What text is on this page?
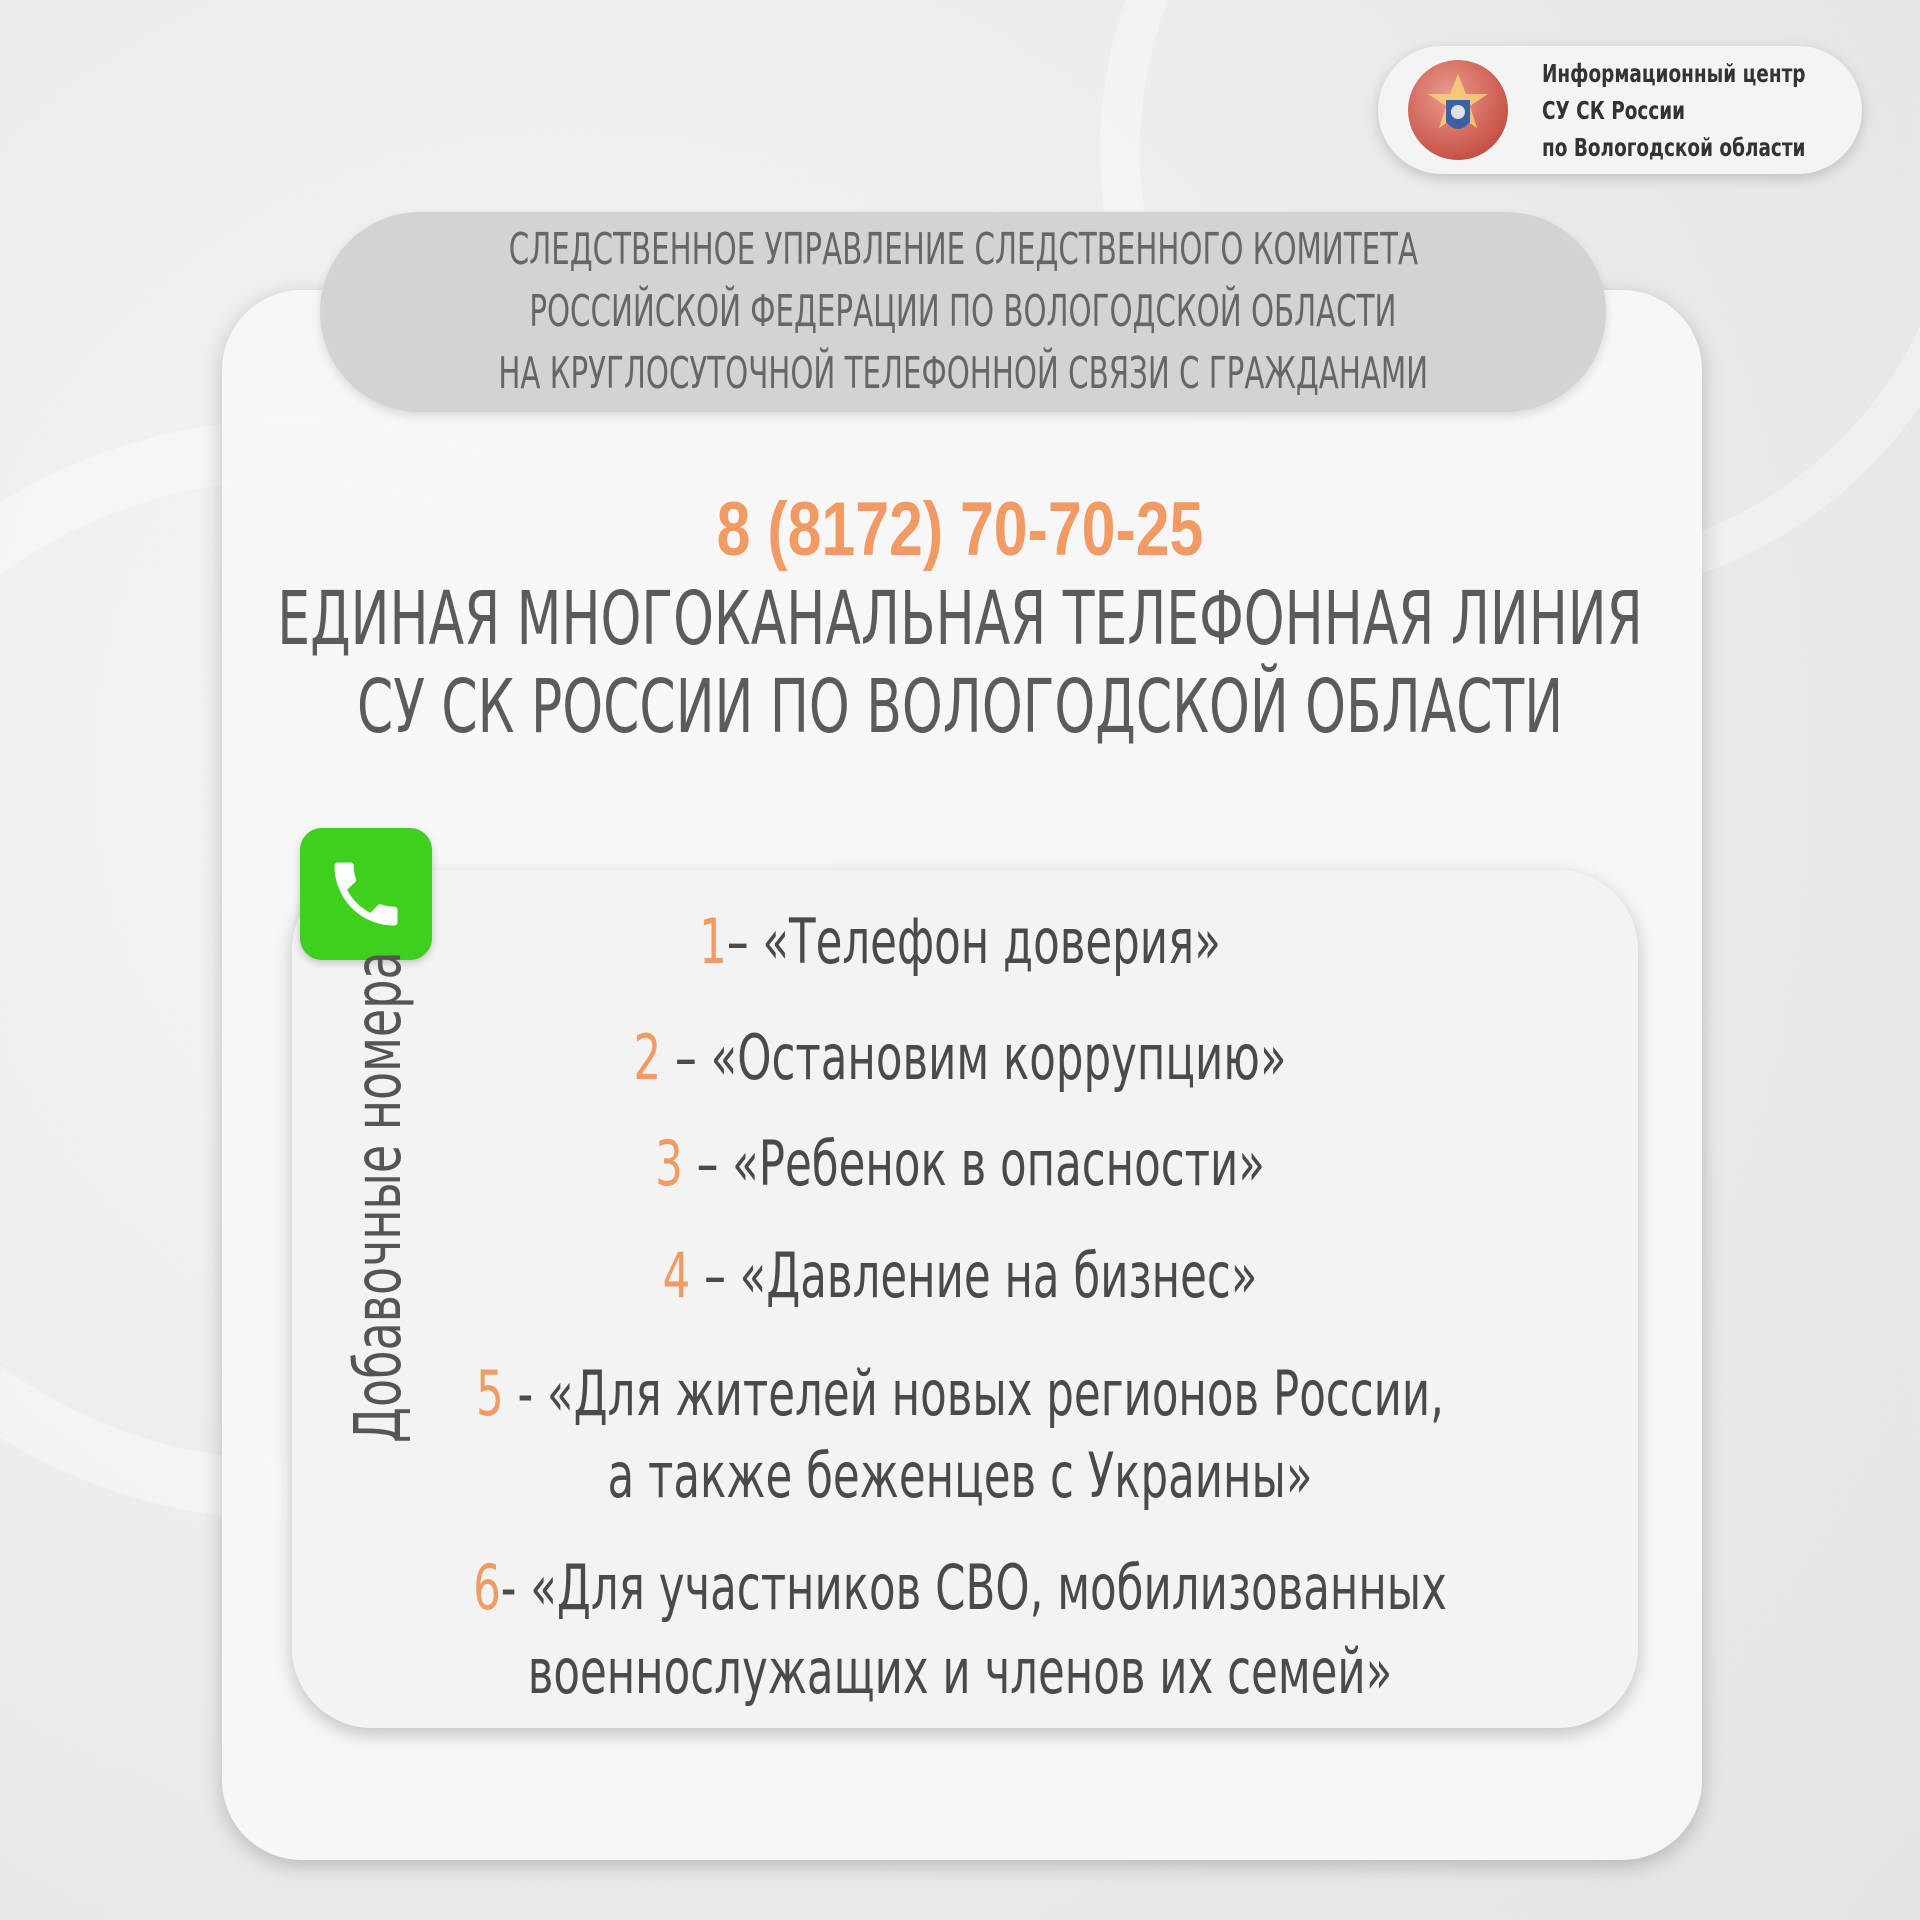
Информационный центр
СУ СК России
по Вологодской области
СЛЕДСТВЕННОЕ УПРАВЛЕНИЕ СЛЕДСТВЕННОГО КОМИТЕТА
РОССИЙСКОЙ ФЕДЕРАЦИИ ПО ВОЛОГОДСКОЙ ОБЛАСТИ
НА КРУГЛОСУТОЧНОЙ ТЕЛЕФОННОЙ СВЯЗИ С ГРАЖДАНАМИ
8 (8172) 70-70-25
ЕДИНАЯ МНОГОКАНАЛЬНАЯ ТЕЛЕФОННАЯ ЛИНИЯ
СУ СК РОССИИ ПО ВОЛОГОДСКОЙ ОБЛАСТИ
Добавочные номера
1– «Телефон доверия»
2 – «Остановим коррупцию»
3 – «Ребенок в опасности»
4 – «Давление на бизнес»
5 - «Для жителей новых регионов России,
а также беженцев с Украины»
6- «Для участников СВО, мобилизованных
военнослужащих и членов их семей»
